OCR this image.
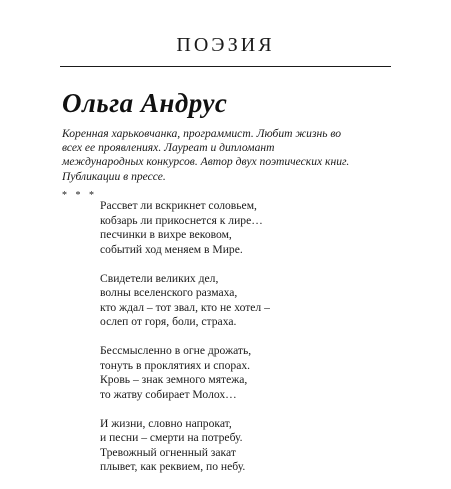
ПОЭЗИЯ
Ольга Андрус
Коренная харьковчанка, программист. Любит жизнь во
всех ее проявлениях. Лауреат и дипломант
международных конкурсов. Автор двух поэтических книг.
Публикации в прессе.
* * *
Рассвет ли вскрикнет соловьем,
кобзарь ли прикоснется к лире…
песчинки в вихре вековом,
событий ход меняем в Мире.
Свидетели великих дел,
волны вселенского размаха,
кто ждал – тот звал, кто не хотел –
ослеп от горя, боли, страха.
Бессмысленно в огне дрожать,
тонуть в проклятиях и спорах.
Кровь – знак земного мятежа,
то жатву собирает Молох…
И жизни, словно напрокат,
и песни – смерти на потребу.
Тревожный огненный закат
плывет, как реквием, по небу.
